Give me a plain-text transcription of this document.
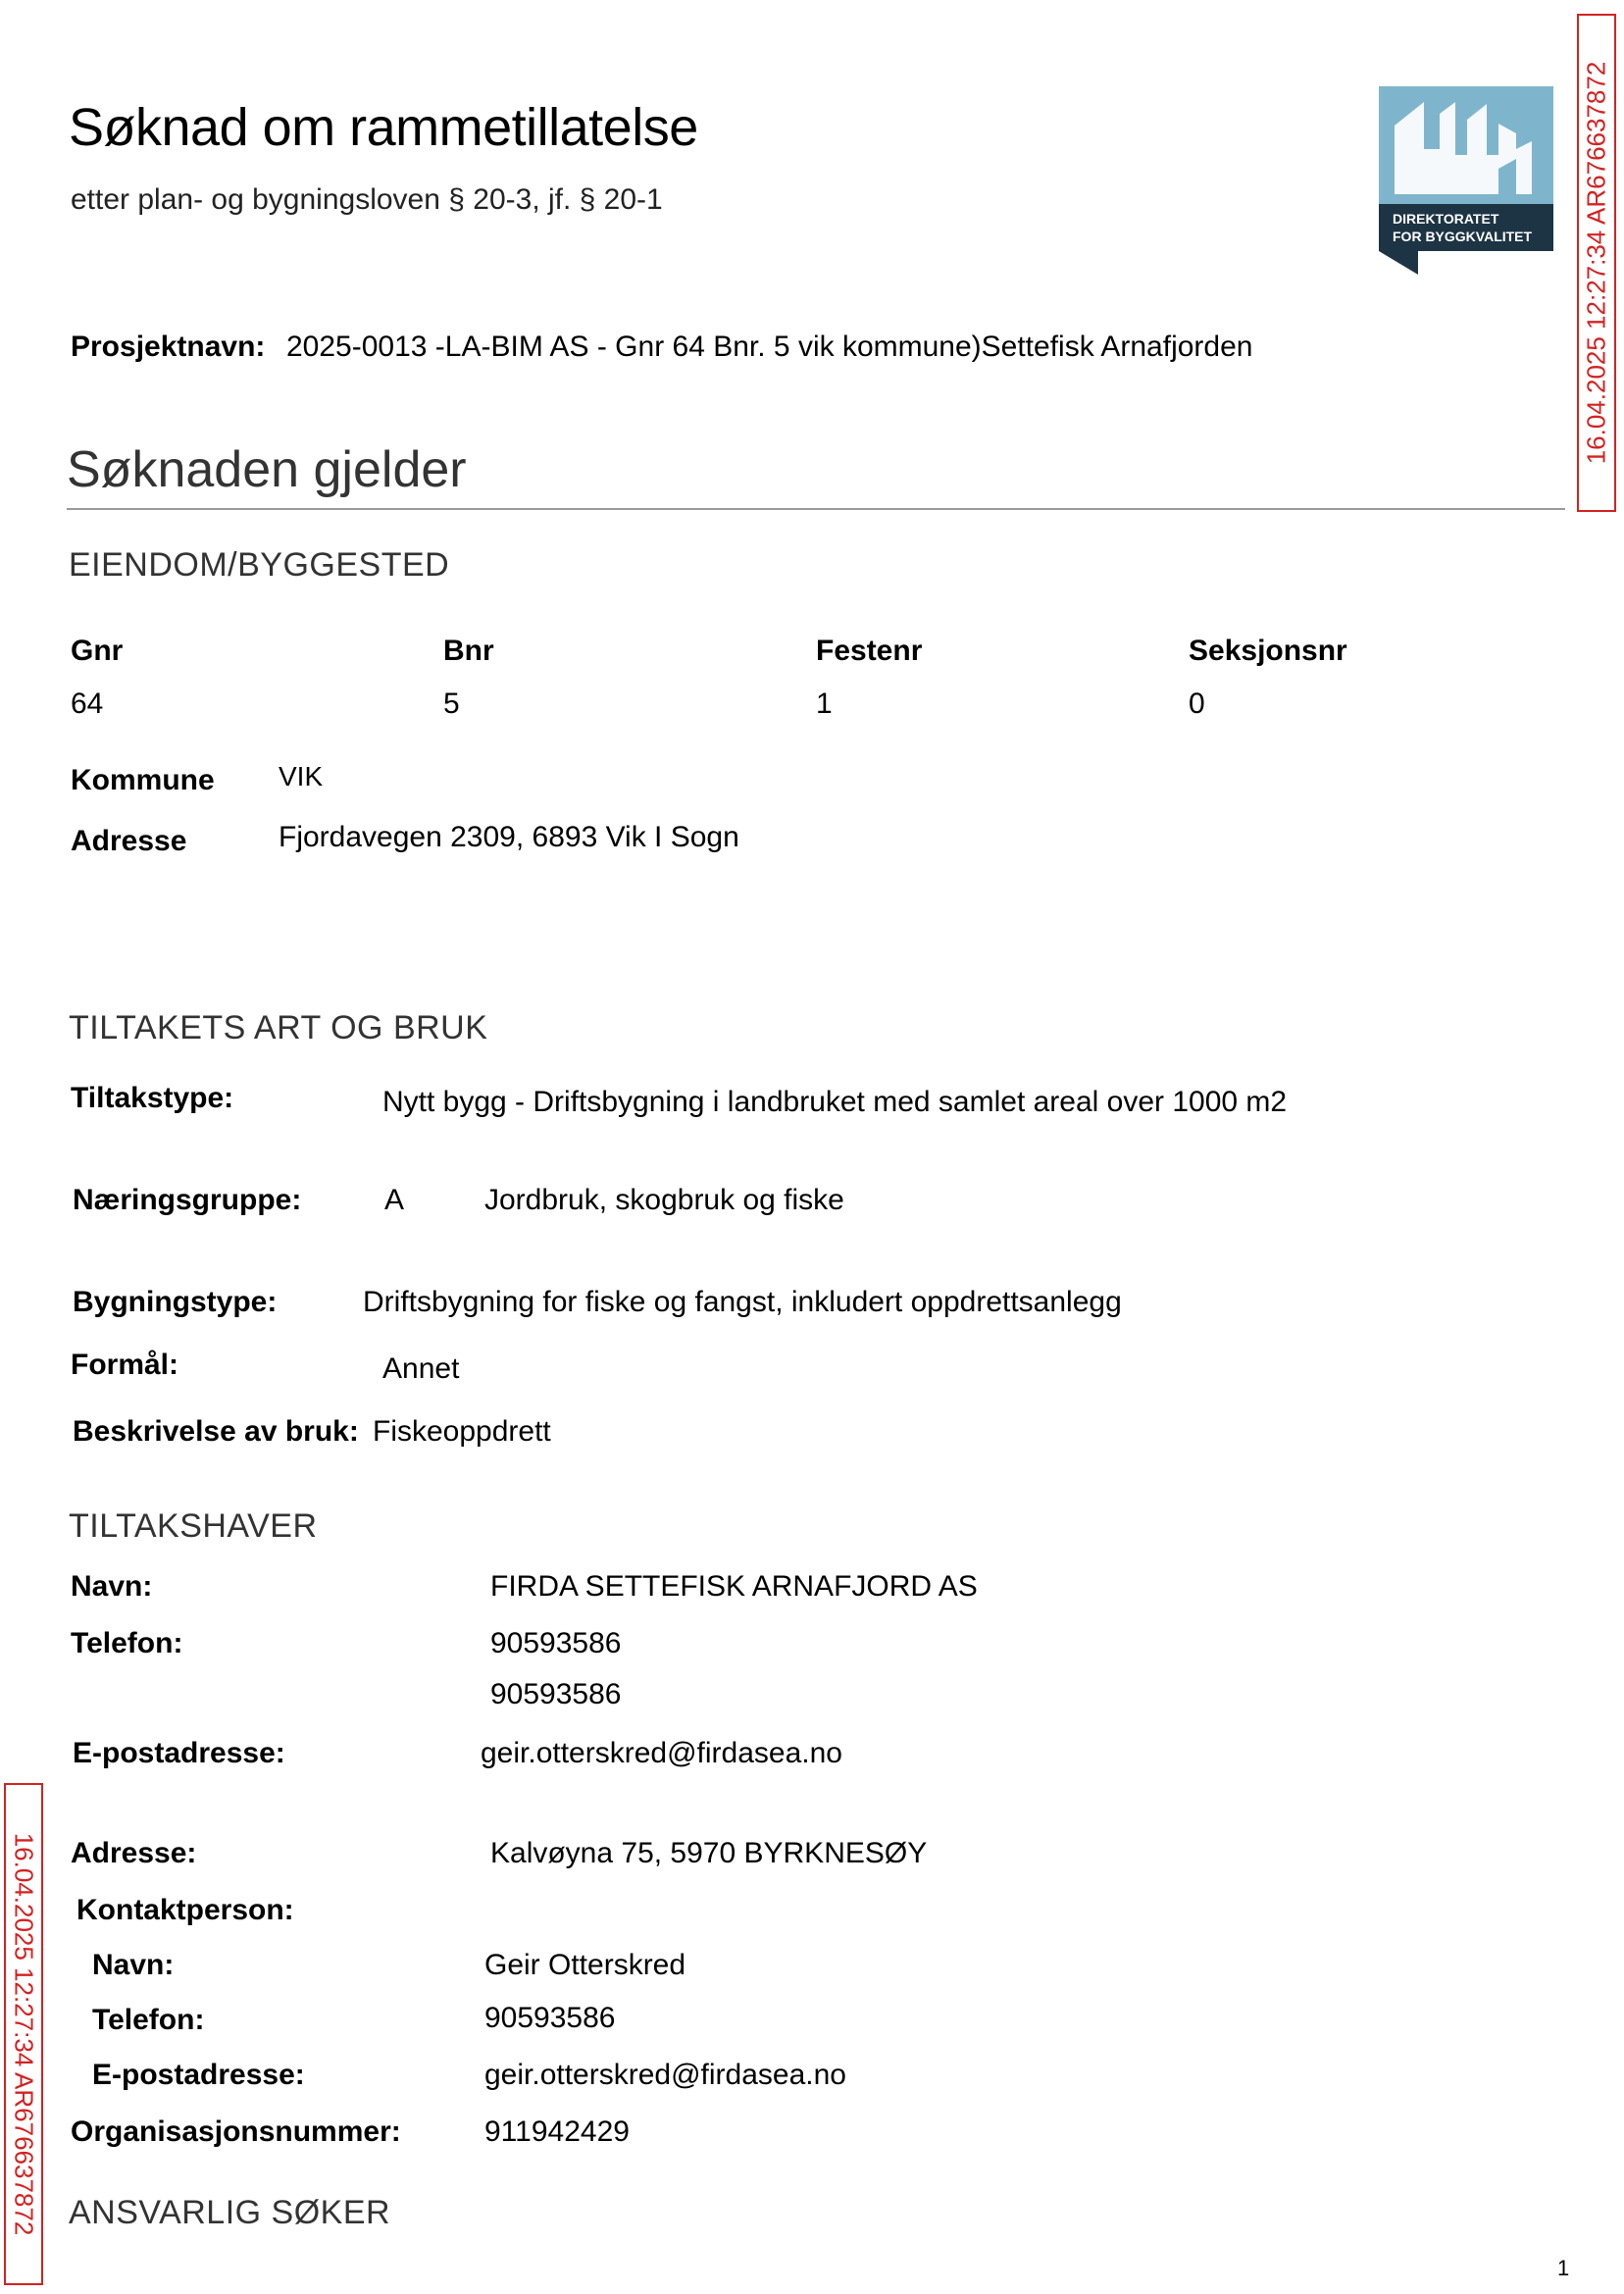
Søknad om rammetillatelse
etter plan- og bygningsloven § 20-3, jf. § 20-1
DIREKTORATET
FOR BYGGKVALITET 16.04.2025 12:27:34 AR676637872
16.04.2025 12:27:34 AR676637872
Prosjektnavn: 2025-0013 -LA-BIM AS - Gnr 64 Bnr. 5 vik kommune)Settefisk Arnafjorden
Søknaden gjelder
EIENDOM/BYGGESTED
Gnr	Bnr	Festenr	Seksjonsnr
64	5	1	0
Kommune VIK
Adresse	Fjordavegen 2309, 6893 Vik I Sogn
TILTAKETS ART OG BRUK
Tiltakstype:	Nytt bygg - Driftsbygning i landbruket med samlet areal over 1000 m2
Næringsgruppe:	A	Jordbruk, skogbruk og fiske
Bygningstype:	Driftsbygning for fiske og fangst, inkludert oppdrettsanlegg
Formål:	Annet
Beskrivelse av bruk: Fiskeoppdrett
TILTAKSHAVER
Navn:	FIRDA SETTEFISK ARNAFJORD AS
Telefon:	90593586
90593586
E-postadresse:	geir.otterskred@firdasea.no
Adresse:	Kalvøyna 75, 5970 BYRKNESØY
Kontaktperson:
Navn:	Geir Otterskred
Telefon:	90593586
E-postadresse:	geir.otterskred@firdasea.no
Organisasjonsnummer:	911942429
ANSVARLIG SØKER
1
